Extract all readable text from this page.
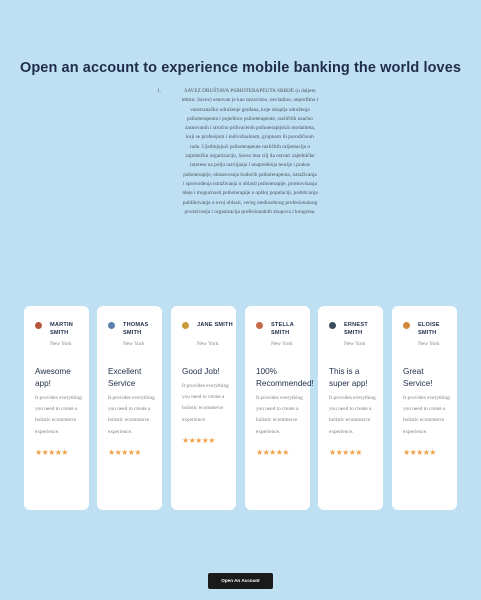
Open an account to experience mobile banking the world loves
1.	SAVEZ DRUŠTAVA PSIHOTERAPEUTA SRBIJE (u daljem
tekstu: Savez) osnovan je kao nezavisno, nevladino, neprofitno i
vanstranačko udruženje građana, koje okuplja udruženja
psihoterapeuta i pojedince psihoterapeute, različitih naučno
zasnovanih i stručno prihvaćenih psihoterapijskih modaliteta,
koji se profesijom i individualnom, grupnom ili porodičnom
radu. Ujedinjujući psihoterapeute različitih orijentacija u
zajedničku organizaciju, Savez ima cilj da ostvari zajedničke
interese na polju razvijanja i unapređenja teorije i prakse
psihoterapije, obrazovanja budućih psihoterapeuta, istraživanja
i sprovođenja istraživanja u oblasti psihoterapije, promovisanja
ideje i mogućnosti psihoterapije u opštoj populaciji, podsticanja
publikovanja u ovoj oblasti, većeg međusobnog profesionalnog
povezivanja i organizacija profesionalnih skupova i kongresa.
MARTIN SMITH
New York
Awesome app!
It provides everything you need to create a holistic ecommerce experience.
★★★★★
THOMAS SMITH
New York
Excellent Service
It provides everything you need to create a holistic ecommerce experience.
★★★★★
JANE SMITH
New York
Good Job!
It provides everything you need to create a holistic ecommerce experience.
★★★★★
STELLA SMITH
New York
100% Recommended!
It provides everything you need to create a holistic ecommerce experience.
★★★★★
ERNEST SMITH
New York
This is a super app!
It provides everything you need to create a holistic ecommerce experience.
★★★★★
ELOISE SMITH
New York
Great Service!
It provides everything you need to create a holistic ecommerce experience.
★★★★★
Open An Account
